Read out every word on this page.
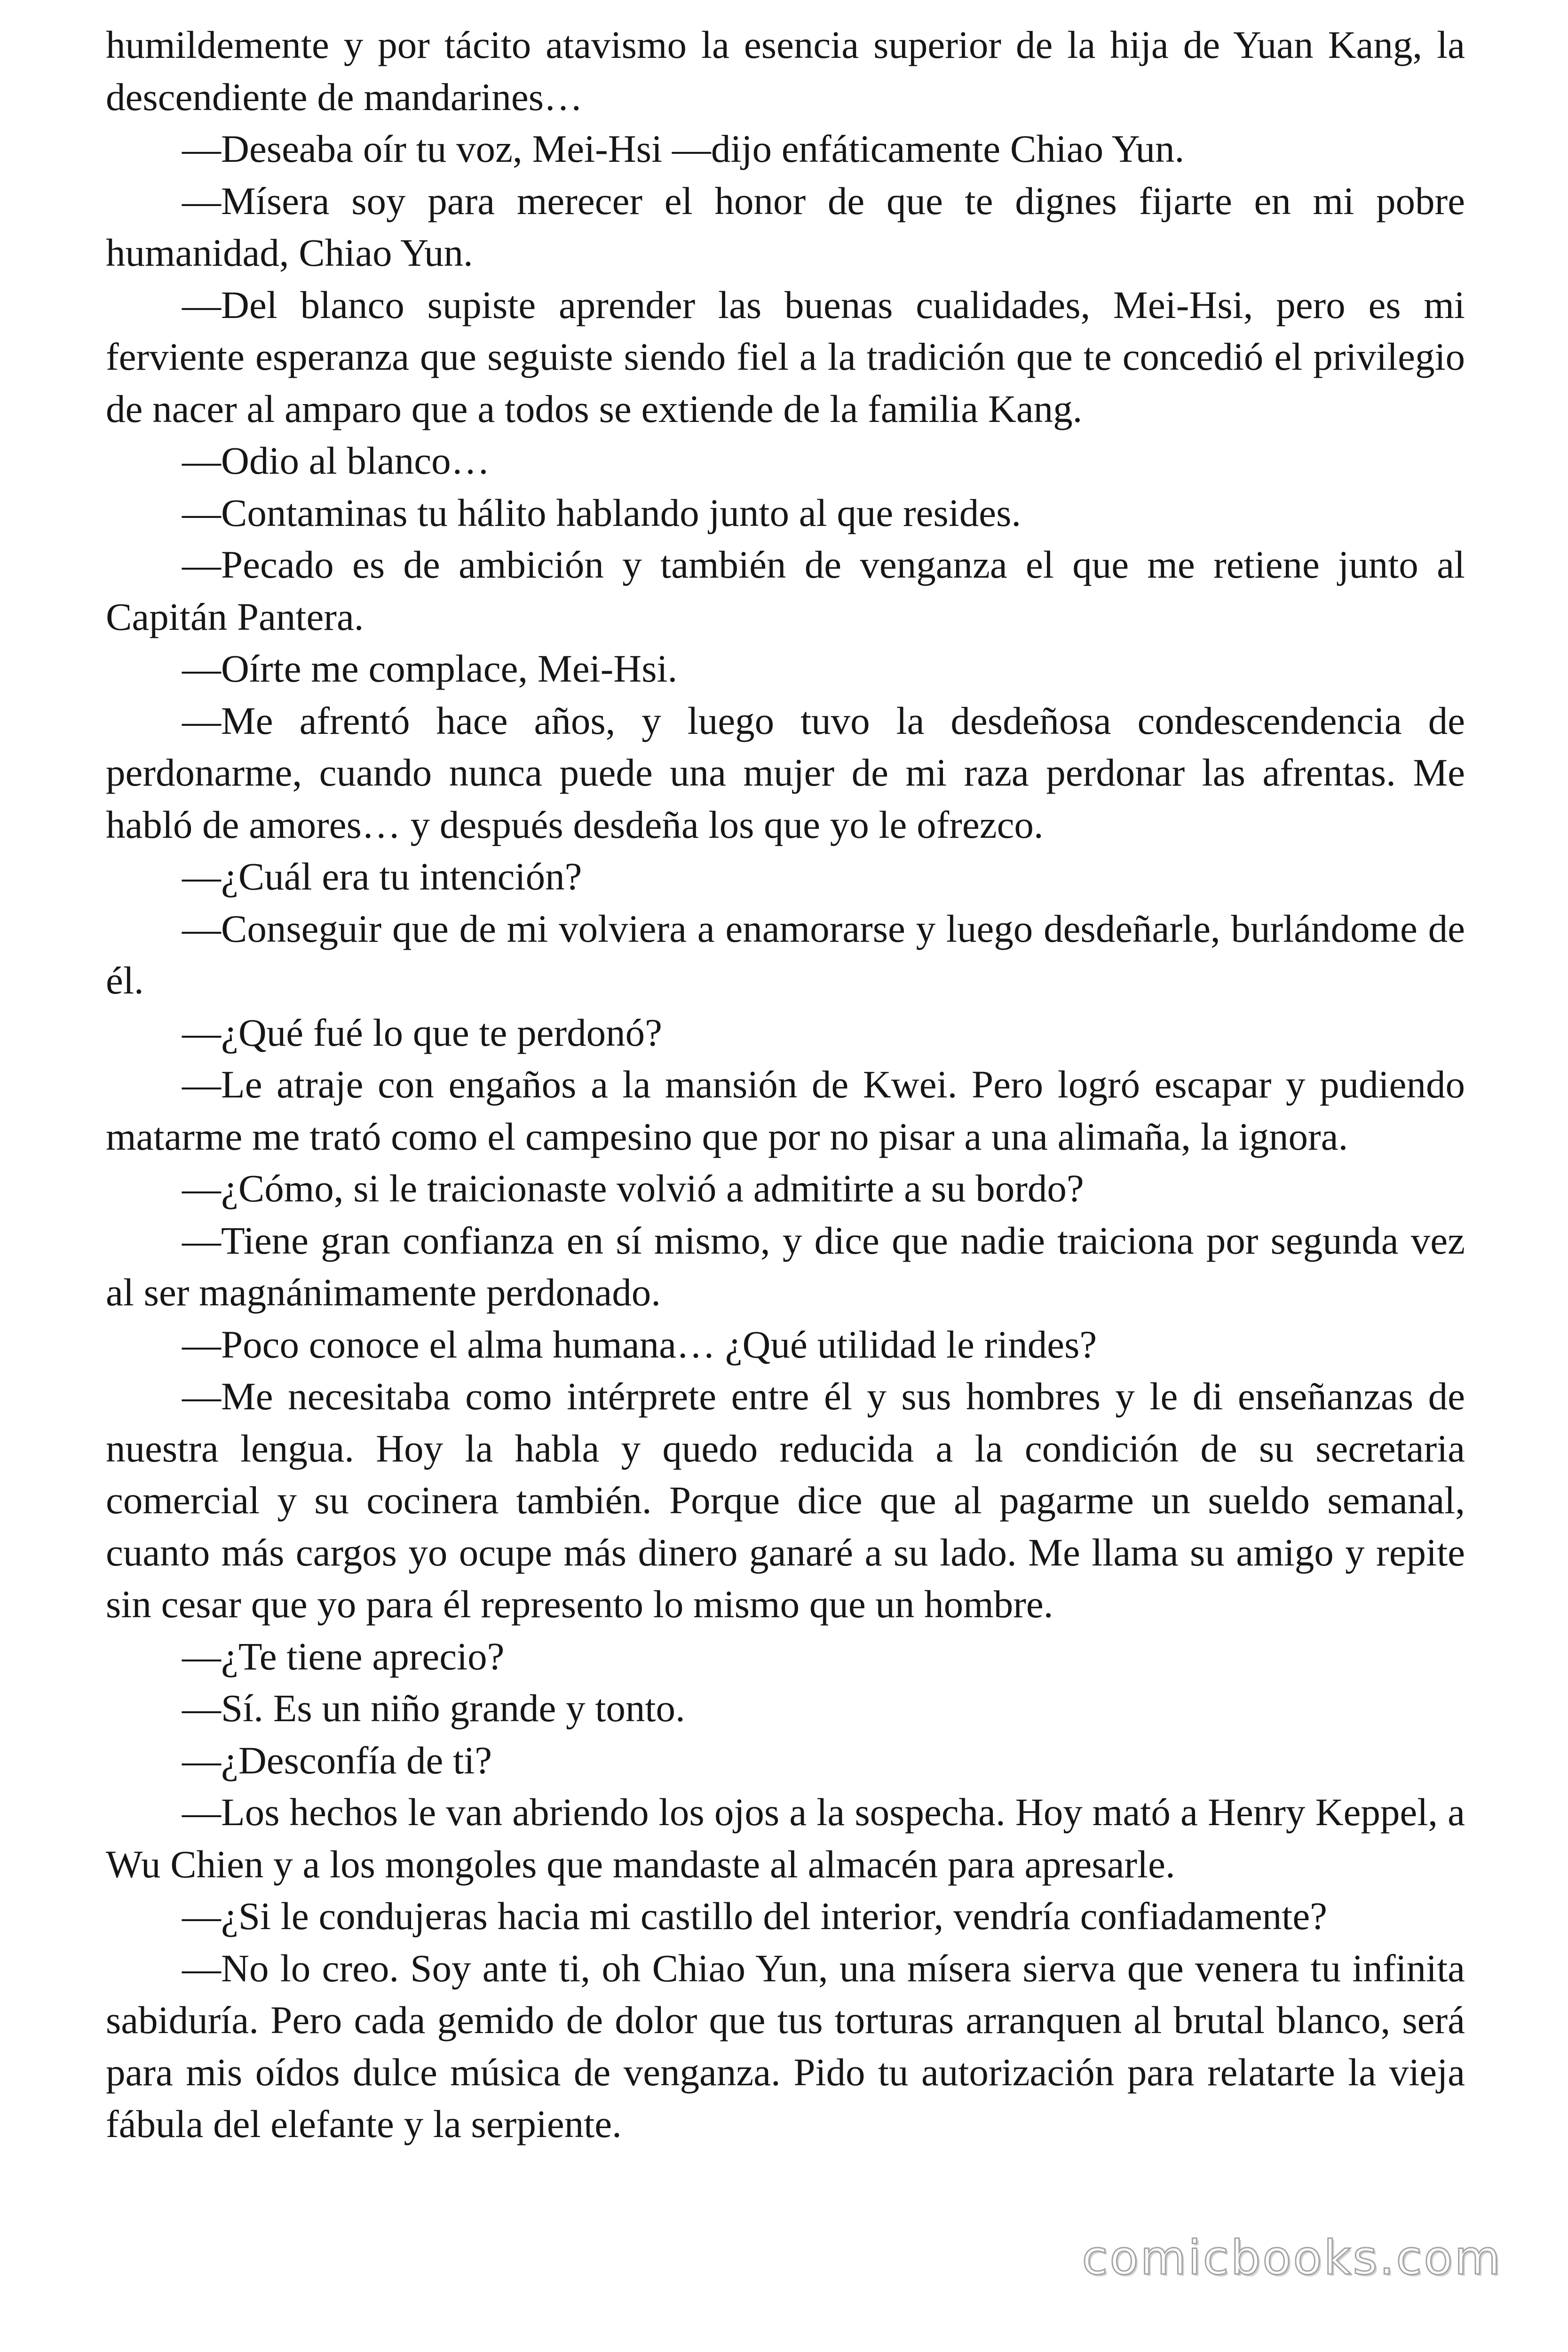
humildemente y por tácito atavismo la esencia superior de la hija de Yuan Kang, la descendiente de mandarines…

—Deseaba oír tu voz, Mei-Hsi —dijo enfáticamente Chiao Yun.

—Mísera soy para merecer el honor de que te dignes fijarte en mi pobre humanidad, Chiao Yun.

—Del blanco supiste aprender las buenas cualidades, Mei-Hsi, pero es mi ferviente esperanza que seguiste siendo fiel a la tradición que te concedió el privilegio de nacer al amparo que a todos se extiende de la familia Kang.

—Odio al blanco…

—Contaminas tu hálito hablando junto al que resides.

—Pecado es de ambición y también de venganza el que me retiene junto al Capitán Pantera.

—Oírte me complace, Mei-Hsi.

—Me afrentó hace años, y luego tuvo la desdeñosa condescendencia de perdonarme, cuando nunca puede una mujer de mi raza perdonar las afrentas. Me habló de amores… y después desdeña los que yo le ofrezco.

—¿Cuál era tu intención?

—Conseguir que de mi volviera a enamorarse y luego desdeñarle, burlándome de él.

—¿Qué fué lo que te perdonó?

—Le atraje con engaños a la mansión de Kwei. Pero logró escapar y pudiendo matarme me trató como el campesino que por no pisar a una alimaña, la ignora.

—¿Cómo, si le traicionaste volvió a admitirte a su bordo?

—Tiene gran confianza en sí mismo, y dice que nadie traiciona por segunda vez al ser magnánimamente perdonado.

—Poco conoce el alma humana… ¿Qué utilidad le rindes?

—Me necesitaba como intérprete entre él y sus hombres y le di enseñanzas de nuestra lengua. Hoy la habla y quedo reducida a la condición de su secretaria comercial y su cocinera también. Porque dice que al pagarme un sueldo semanal, cuanto más cargos yo ocupe más dinero ganaré a su lado. Me llama su amigo y repite sin cesar que yo para él represento lo mismo que un hombre.

—¿Te tiene aprecio?

—Sí. Es un niño grande y tonto.

—¿Desconfía de ti?

—Los hechos le van abriendo los ojos a la sospecha. Hoy mató a Henry Keppel, a Wu Chien y a los mongoles que mandaste al almacén para apresarle.

—¿Si le condujeras hacia mi castillo del interior, vendría confiadamente?

—No lo creo. Soy ante ti, oh Chiao Yun, una mísera sierva que venera tu infinita sabiduría. Pero cada gemido de dolor que tus torturas arranquen al brutal blanco, será para mis oídos dulce música de venganza. Pido tu autorización para relatarte la vieja fábula del elefante y la serpiente.

comicbooks.com
